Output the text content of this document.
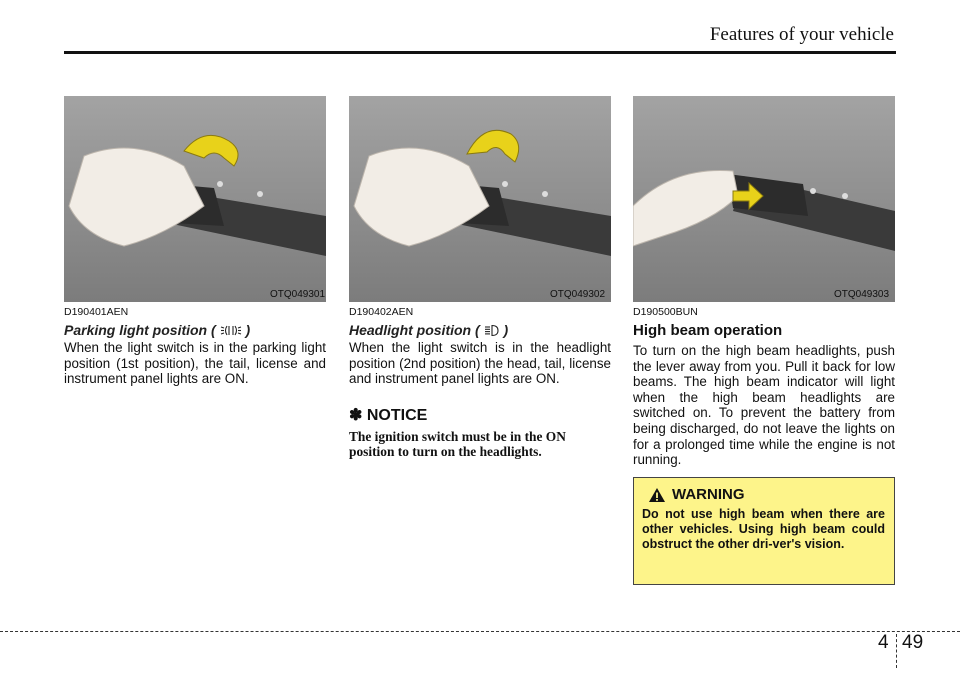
Features of your vehicle
OTQ049301	OTQ049302	OTQ049303

D190401AEN

Parking light position ( )

When the light switch is in the parking light position (1st position), the tail, license and instrument panel lights are ON.

D190402AEN

Headlight position ( )

When the light switch is in the headlight position (2nd position) the head, tail, license and instrument panel lights are ON.

✽ NOTICE

The ignition switch must be in the ON position to turn on the headlights.

D190500BUN

High beam operation

To turn on the high beam headlights, push the lever away from you. Pull it back for low beams. The high beam indicator will light when the high beam headlights are switched on. To prevent the battery from being discharged, do not leave the lights on for a prolonged time while the engine is not running.

WARNING

Do not use high beam when there are other vehicles. Using high beam could obstruct the other dri-ver's vision.

4 49
